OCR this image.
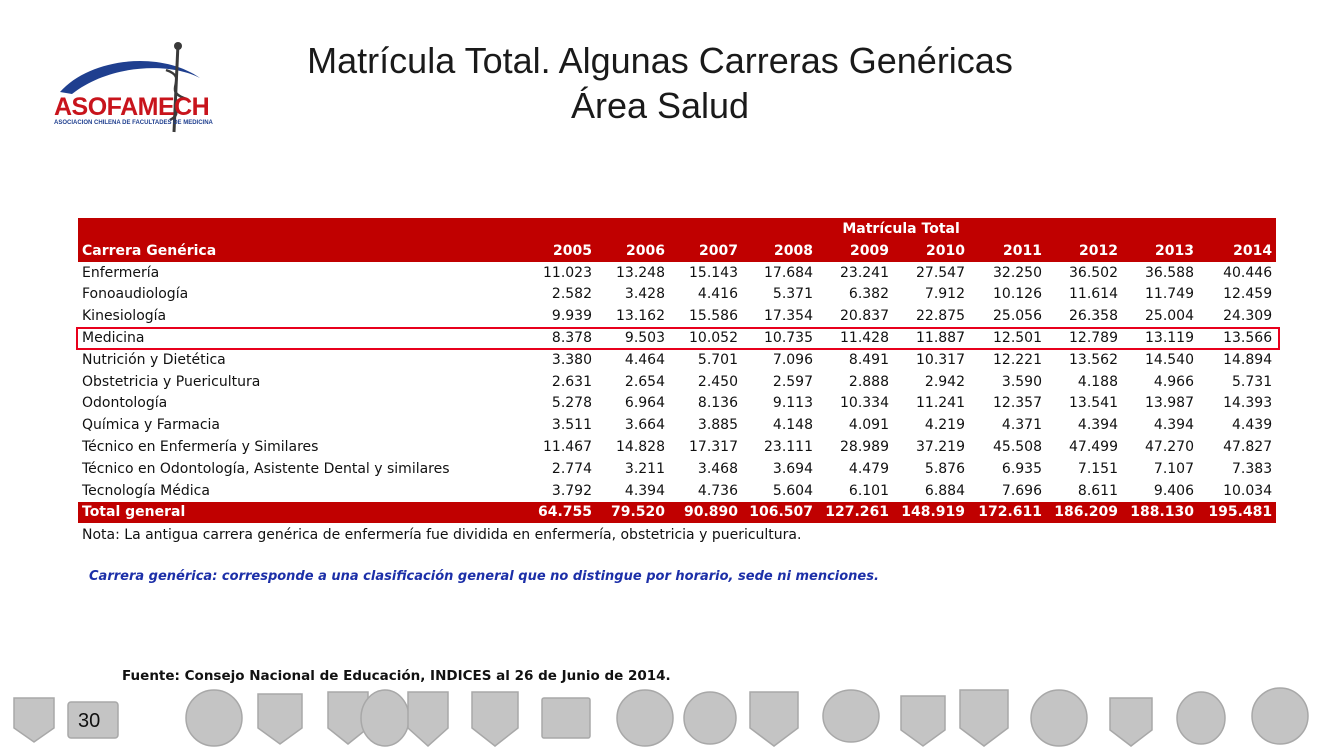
ASOFAMECH
ASOCIACION CHILENA DE FACULTADES DE MEDICINA
Matrícula Total. Algunas Carreras Genéricas
Área Salud
	Matrícula Total									
Carrera Genérica	2005	2006	2007	2008	2009	2010	2011	2012	2013	2014
Enfermería	11.023	13.248	15.143	17.684	23.241	27.547	32.250	36.502	36.588	40.446
Fonoaudiología	2.582	3.428	4.416	5.371	6.382	7.912	10.126	11.614	11.749	12.459
Kinesiología	9.939	13.162	15.586	17.354	20.837	22.875	25.056	26.358	25.004	24.309
Medicina	8.378	9.503	10.052	10.735	11.428	11.887	12.501	12.789	13.119	13.566
Nutrición y Dietética	3.380	4.464	5.701	7.096	8.491	10.317	12.221	13.562	14.540	14.894
Obstetricia y Puericultura	2.631	2.654	2.450	2.597	2.888	2.942	3.590	4.188	4.966	5.731
Odontología	5.278	6.964	8.136	9.113	10.334	11.241	12.357	13.541	13.987	14.393
Química y Farmacia	3.511	3.664	3.885	4.148	4.091	4.219	4.371	4.394	4.394	4.439
Técnico en Enfermería y Similares	11.467	14.828	17.317	23.111	28.989	37.219	45.508	47.499	47.270	47.827
Técnico en Odontología, Asistente Dental y similares	2.774	3.211	3.468	3.694	4.479	5.876	6.935	7.151	7.107	7.383
Tecnología Médica	3.792	4.394	4.736	5.604	6.101	6.884	7.696	8.611	9.406	10.034
Total general	64.755	79.520	90.890	106.507	127.261	148.919	172.611	186.209	188.130	195.481
Nota: La antigua carrera genérica de enfermería fue dividida en enfermería, obstetricia y puericultura.
Carrera genérica: corresponde a una clasificación general que no distingue por horario, sede ni menciones.
Fuente: Consejo Nacional de Educación, INDICES al 26 de Junio de 2014.
30
